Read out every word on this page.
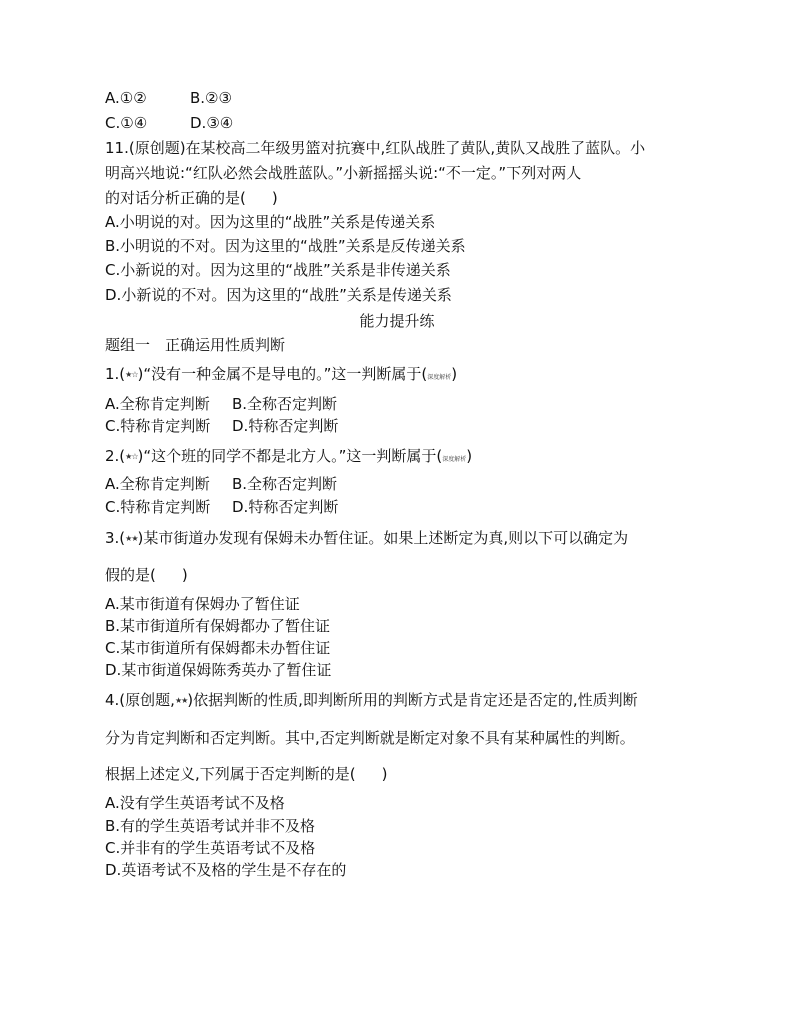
A.①②	B.②③
C.①④	D.③④
11.(原创题)在某校高二年级男篮对抗赛中,红队战胜了黄队,黄队又战胜了蓝队。小
明高兴地说:“红队必然会战胜蓝队。”小新摇摇头说:“不一定。”下列对两人
的对话分析正确的是( )
A.小明说的对。因为这里的“战胜”关系是传递关系
B.小明说的不对。因为这里的“战胜”关系是反传递关系
C.小新说的对。因为这里的“战胜”关系是非传递关系
D.小新说的不对。因为这里的“战胜”关系是传递关系
能力提升练
题组一　正确运用性质判断
1.(★☆)“没有一种金属不是导电的。”这一判断属于(深度解析)
A.全称肯定判断 B.全称否定判断
C.特称肯定判断 D.特称否定判断
2.(★☆)“这个班的同学不都是北方人。”这一判断属于(深度解析)
A.全称肯定判断 B.全称否定判断
C.特称肯定判断 D.特称否定判断
3.(★★)某市街道办发现有保姆未办暂住证。如果上述断定为真,则以下可以确定为
假的是( )
A.某市街道有保姆办了暂住证
B.某市街道所有保姆都办了暂住证
C.某市街道所有保姆都未办暂住证
D.某市街道保姆陈秀英办了暂住证
4.(原创题,★★)依据判断的性质,即判断所用的判断方式是肯定还是否定的,性质判断
分为肯定判断和否定判断。其中,否定判断就是断定对象不具有某种属性的判断。
根据上述定义,下列属于否定判断的是( )
A.没有学生英语考试不及格
B.有的学生英语考试并非不及格
C.并非有的学生英语考试不及格
D.英语考试不及格的学生是不存在的
